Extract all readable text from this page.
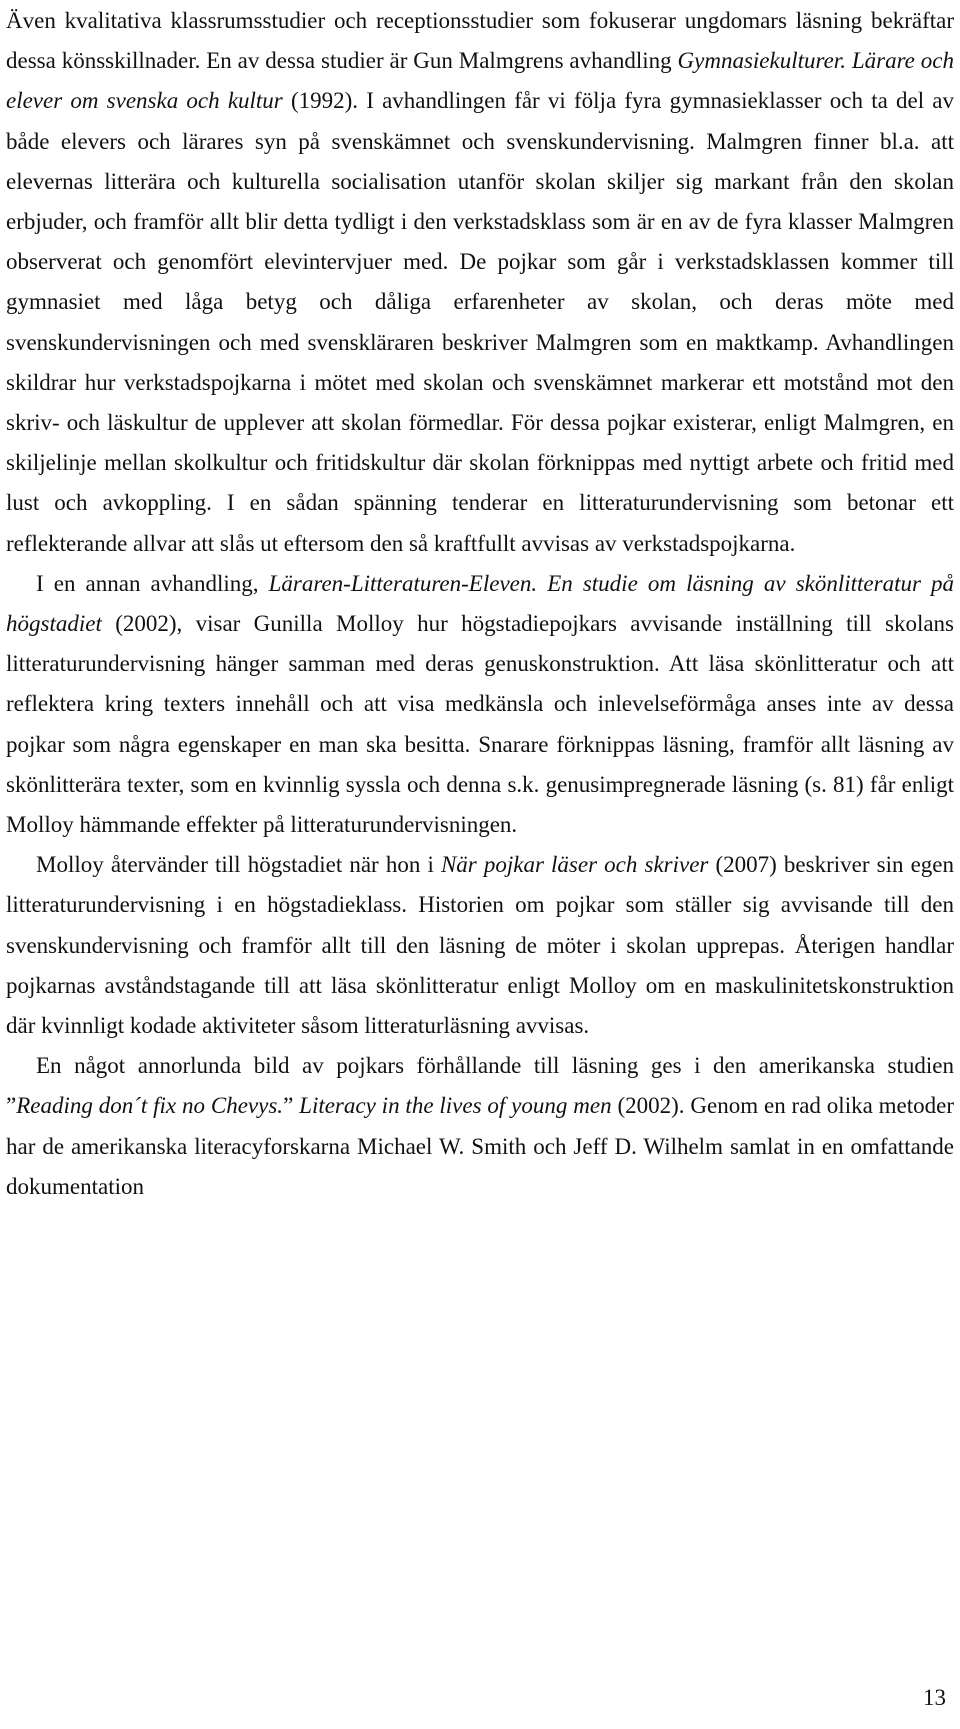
Även kvalitativa klassrumsstudier och receptionsstudier som fokuserar ungdomars läsning bekräftar dessa könsskillnader. En av dessa studier är Gun Malmgrens avhandling Gymnasiekulturer. Lärare och elever om svenska och kultur (1992). I avhandlingen får vi följa fyra gymnasieklasser och ta del av både elevers och lärares syn på svenskämnet och svenskundervisning. Malmgren finner bl.a. att elevernas litterära och kulturella socialisation utanför skolan skiljer sig markant från den skolan erbjuder, och framför allt blir detta tydligt i den verkstadsklass som är en av de fyra klasser Malmgren observerat och genomfört elevintervjuer med. De pojkar som går i verkstadsklassen kommer till gymnasiet med låga betyg och dåliga erfarenheter av skolan, och deras möte med svenskundervisningen och med svenskläraren beskriver Malmgren som en maktkamp. Avhandlingen skildrar hur verkstadspojkarna i mötet med skolan och svenskämnet markerar ett motstånd mot den skriv- och läskultur de upplever att skolan förmedlar. För dessa pojkar existerar, enligt Malmgren, en skiljelinje mellan skolkultur och fritidskultur där skolan förknippas med nyttigt arbete och fritid med lust och avkoppling. I en sådan spänning tenderar en litteraturundervisning som betonar ett reflekterande allvar att slås ut eftersom den så kraftfullt avvisas av verkstadspojkarna.

I en annan avhandling, Läraren-Litteraturen-Eleven. En studie om läsning av skönlitteratur på högstadiet (2002), visar Gunilla Molloy hur högstadiepojkars avvisande inställning till skolans litteraturundervisning hänger samman med deras genuskonstruktion. Att läsa skönlitteratur och att reflektera kring texters innehåll och att visa medkänsla och inlevelseförmåga anses inte av dessa pojkar som några egenskaper en man ska besitta. Snarare förknippas läsning, framför allt läsning av skönlitterära texter, som en kvinnlig syssla och denna s.k. genusimpregnerade läsning (s. 81) får enligt Molloy hämmande effekter på litteraturundervisningen.

Molloy återvänder till högstadiet när hon i När pojkar läser och skriver (2007) beskriver sin egen litteraturundervisning i en högstadieklass. Historien om pojkar som ställer sig avvisande till den svenskundervisning och framför allt till den läsning de möter i skolan upprepas. Återigen handlar pojkarnas avståndstagande till att läsa skönlitteratur enligt Molloy om en maskulinitetskonstruktion där kvinnligt kodade aktiviteter såsom litteraturläsning avvisas.

En något annorlunda bild av pojkars förhållande till läsning ges i den amerikanska studien ”Reading don´t fix no Chevys.” Literacy in the lives of young men (2002). Genom en rad olika metoder har de amerikanska literacyforskarna Michael W. Smith och Jeff D. Wilhelm samlat in en omfattande dokumentation

13
